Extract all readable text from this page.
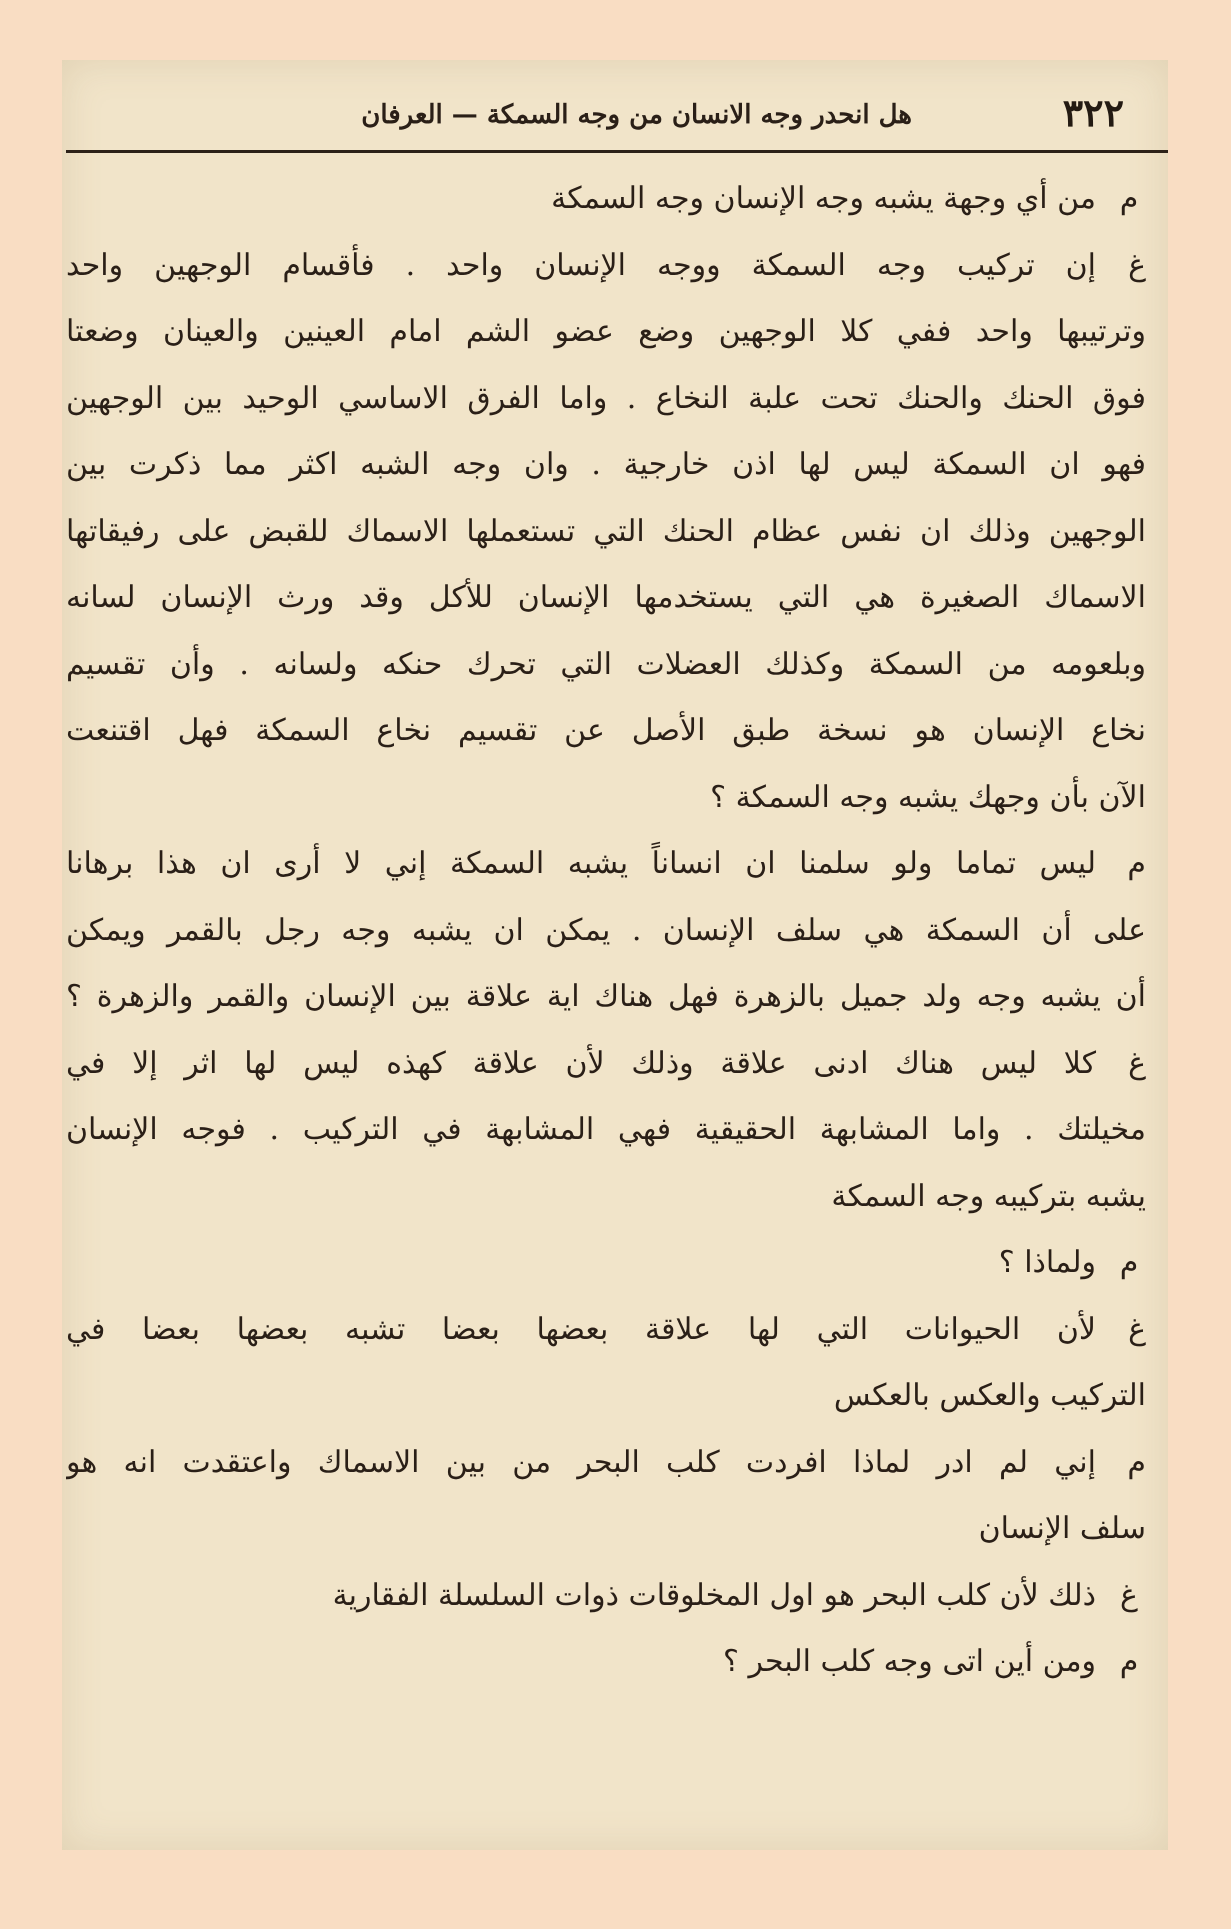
٣٢٢
هل انحدر وجه الانسان من وجه السمكة — العرفان
ممن أي وجهة يشبه وجه الإنسان وجه السمكة
غإن تركيب وجه السمكة ووجه الإنسان واحد . فأقسام الوجهين واحد
وترتيبها واحد ففي كلا الوجهين وضع عضو الشم امام العينين والعينان وضعتا
فوق الحنك والحنك تحت علبة النخاع . واما الفرق الاساسي الوحيد بين الوجهين
فهو ان السمكة ليس لها اذن خارجية . وان وجه الشبه اكثر مما ذكرت بين
الوجهين وذلك ان نفس عظام الحنك التي تستعملها الاسماك للقبض على رفيقاتها
الاسماك الصغيرة هي التي يستخدمها الإنسان للأكل وقد ورث الإنسان لسانه
وبلعومه من السمكة وكذلك العضلات التي تحرك حنكه ولسانه . وأن تقسيم
نخاع الإنسان هو نسخة طبق الأصل عن تقسيم نخاع السمكة فهل اقتنعت
الآن بأن وجهك يشبه وجه السمكة ؟
مليس تماما ولو سلمنا ان انساناً يشبه السمكة إني لا أرى ان هذا برهانا
على أن السمكة هي سلف الإنسان . يمكن ان يشبه وجه رجل بالقمر ويمكن
أن يشبه وجه ولد جميل بالزهرة فهل هناك اية علاقة بين الإنسان والقمر والزهرة ؟
غكلا ليس هناك ادنى علاقة وذلك لأن علاقة كهذه ليس لها اثر إلا في
مخيلتك . واما المشابهة الحقيقية فهي المشابهة في التركيب . فوجه الإنسان
يشبه بتركيبه وجه السمكة
مولماذا ؟
غلأن الحيوانات التي لها علاقة بعضها بعضا تشبه بعضها بعضا في
التركيب والعكس بالعكس
مإني لم ادر لماذا افردت كلب البحر من بين الاسماك واعتقدت انه هو
سلف الإنسان
غذلك لأن كلب البحر هو اول المخلوقات ذوات السلسلة الفقارية
مومن أين اتى وجه كلب البحر ؟
